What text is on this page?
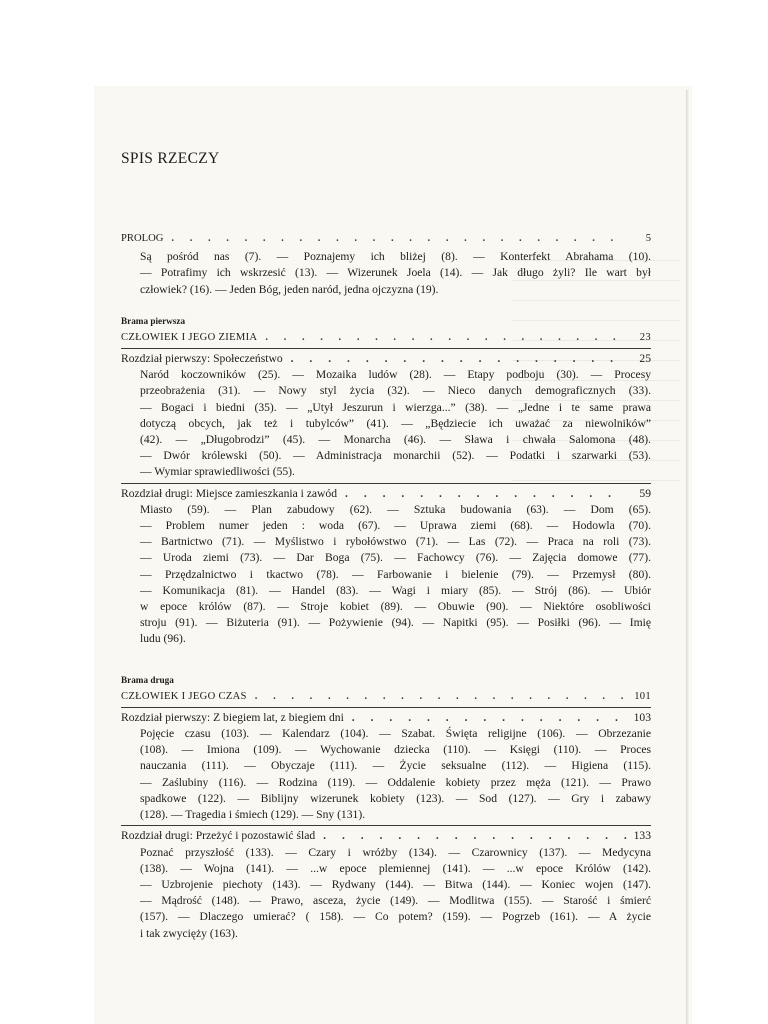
SPIS RZECZY
PROLOG . . .	5
Są pośród nas (7). — Poznajemy ich bliżej (8). — Konterfekt Abrahama (10).
— Potrafimy ich wskrzesić (13). — Wizerunek Joela (14). — Jak długo żyli? Ile wart był
człowiek? (16). — Jeden Bóg, jeden naród, jedna ojczyzna (19).
Brama pierwsza
CZŁOWIEK I JEGO ZIEMIA . . .	23
Rozdział pierwszy: Społeczeństwo . . .	25
Naród koczowników (25). — Mozaika ludów (28). — Etapy podboju (30). — Procesy
przeobrażenia (31). — Nowy styl życia (32). — Nieco danych demograficznych (33).
— Bogaci i biedni (35). — „Utył Jeszurun i wierzga...” (38). — „Jedne i te same prawa
dotyczą obcych, jak też i tubylców” (41). — „Będziecie ich uważać za niewolników”
(42). — „Długobrodzi” (45). — Monarcha (46). — Sława i chwała Salomona (48).
— Dwór królewski (50). — Administracja monarchii (52). — Podatki i szarwarki (53).
— Wymiar sprawiedliwości (55).
Rozdział drugi: Miejsce zamieszkania i zawód . . .	59
Miasto (59). — Plan zabudowy (62). — Sztuka budowania (63). — Dom (65).
— Problem numer jeden : woda (67). — Uprawa ziemi (68). — Hodowla (70).
— Bartnictwo (71). — Myślistwo i rybołówstwo (71). — Las (72). — Praca na roli (73).
— Uroda ziemi (73). — Dar Boga (75). — Fachowcy (76). — Zajęcia domowe (77).
— Przędzalnictwo i tkactwo (78). — Farbowanie i bielenie (79). — Przemysł (80).
— Komunikacja (81). — Handel (83). — Wagi i miary (85). — Strój (86). — Ubiór
w epoce królów (87). — Stroje kobiet (89). — Obuwie (90). — Niektóre osobliwości
stroju (91). — Biżuteria (91). — Pożywienie (94). — Napitki (95). — Posiłki (96). — Imię
ludu (96).
Brama druga
CZŁOWIEK I JEGO CZAS . . .	101
Rozdział pierwszy: Z biegiem lat, z biegiem dni . . .	103
Pojęcie czasu (103). — Kalendarz (104). — Szabat. Święta religijne (106). — Obrzezanie
(108). — Imiona (109). — Wychowanie dziecka (110). — Księgi (110). — Proces
nauczania (111). — Obyczaje (111). — Życie seksualne (112). — Higiena (115).
— Zaślubiny (116). — Rodzina (119). — Oddalenie kobiety przez męża (121). — Prawo
spadkowe (122). — Biblijny wizerunek kobiety (123). — Sod (127). — Gry i zabawy
(128). — Tragedia i śmiech (129). — Sny (131).
Rozdział drugi: Przeżyć i pozostawić ślad . . .	133
Poznać przyszłość (133). — Czary i wróżby (134). — Czarownicy (137). — Medycyna
(138). — Wojna (141). — ...w epoce plemiennej (141). — ...w epoce Królów (142).
— Uzbrojenie piechoty (143). — Rydwany (144). — Bitwa (144). — Koniec wojen (147).
— Mądrość (148). — Prawo, asceza, życie (149). — Modlitwa (155). — Starość i śmierć
(157). — Dlaczego umierać? ( 158). — Co potem? (159). — Pogrzeb (161). — A życie
i tak zwycięży (163).
